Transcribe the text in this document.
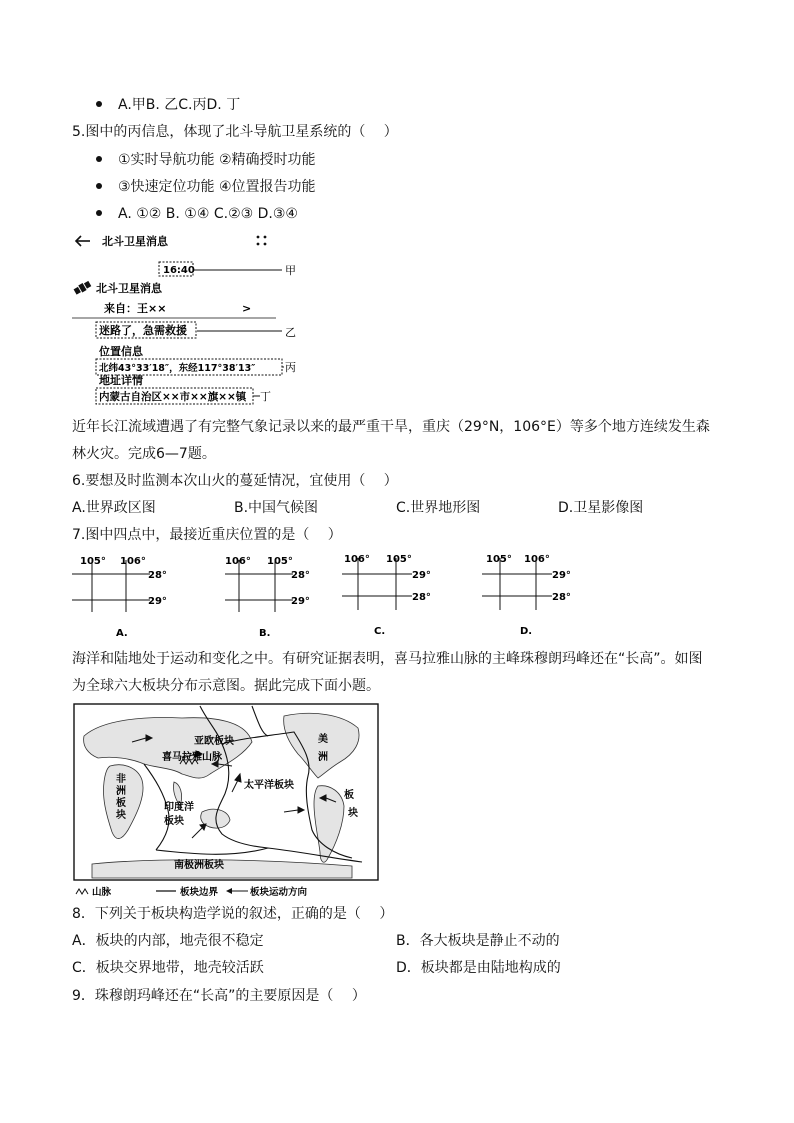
A.甲B. 乙C.丙D. 丁
5.图中的丙信息，体现了北斗导航卫星系统的（　 ）
①实时导航功能 ②精确授时功能
③快速定位功能 ④位置报告功能
A. ①② B. ①④ C.②③ D.③④
北斗卫星消息
16:40	甲
北斗卫星消息
来自：王××	>
迷路了，急需救援	乙
位置信息
北纬43°33′18″，东经117°38′13″	丙
地址详情
内蒙古自治区××市××旗××镇 丁
近年长江流域遭遇了有完整气象记录以来的最严重干旱，重庆（29°N，106°E）等多个地方连续发生森
林火灾。完成6—7题。
6.要想及时监测本次山火的蔓延情况，宜使用（　 ）
A.世界政区图	B.中国气候图	C.世界地形图	D.卫星影像图
7.图中四点中，最接近重庆位置的是（　 ）
105° 106°
28°
29°
A.
106° 105°
28°
29°
B.
106° 105°
29°
28°
C.
105° 106°
29°
28°
D.
海洋和陆地处于运动和变化之中。有研究证据表明，喜马拉雅山脉的主峰珠穆朗玛峰还在“长高”。如图
为全球六大板块分布示意图。据此完成下面小题。
亚欧板块
喜马拉雅山脉
非
洲
板
块
印度洋
板块
太平洋板块
美
洲
板
块
南极洲板块
山脉	板块边界	板块运动方向
8．下列关于板块构造学说的叙述，正确的是（　 ）
A．板块的内部，地壳很不稳定	B．各大板块是静止不动的
C．板块交界地带，地壳较活跃	D．板块都是由陆地构成的
9．珠穆朗玛峰还在“长高”的主要原因是（　 ）
